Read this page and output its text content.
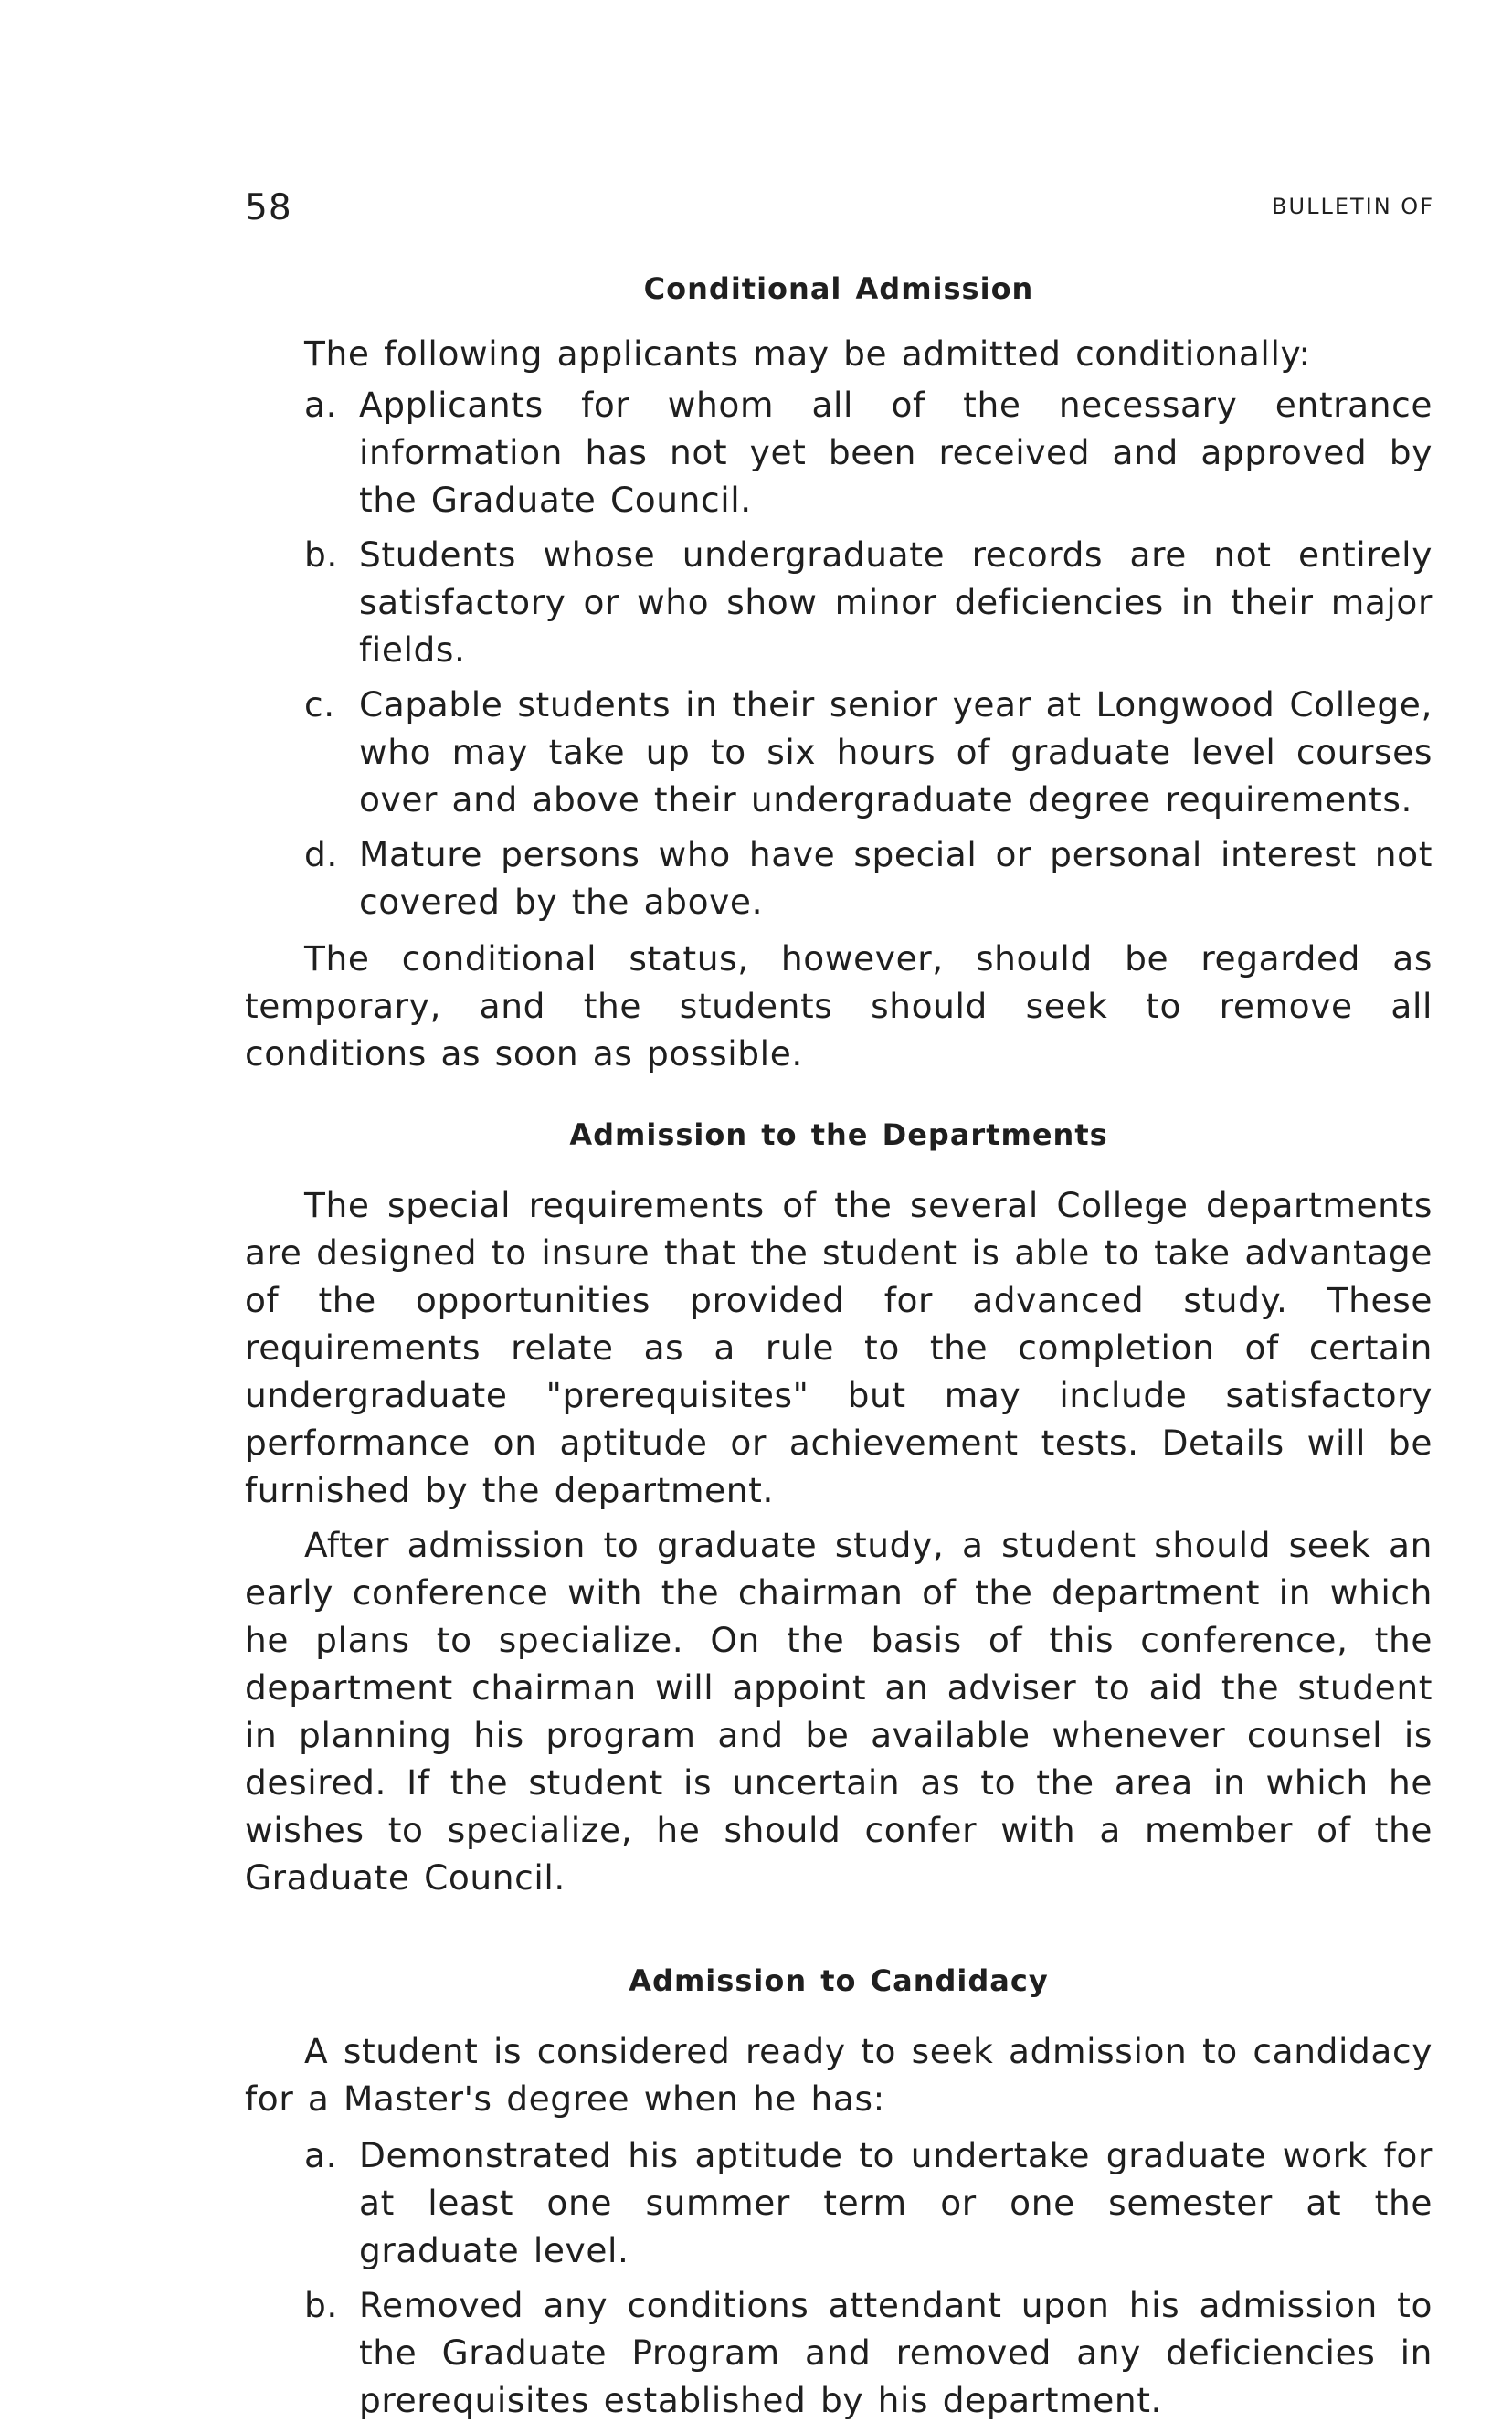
58	BULLETIN OF
Conditional Admission

The following applicants may be admitted conditionally:

a. Applicants for whom all of the necessary entrance information has not yet been received and approved by the Graduate Council.
b. Students whose undergraduate records are not entirely satisfactory or who show minor deficiencies in their major fields.
c. Capable students in their senior year at Longwood College, who may take up to six hours of graduate level courses over and above their undergraduate degree requirements.
d. Mature persons who have special or personal interest not covered by the above.

The conditional status, however, should be regarded as temporary, and the students should seek to remove all conditions as soon as possible.

Admission to the Departments

The special requirements of the several College departments are designed to insure that the student is able to take advantage of the opportunities provided for advanced study. These requirements relate as a rule to the completion of certain undergraduate "prerequisites" but may include satisfactory performance on aptitude or achievement tests. Details will be furnished by the department.

After admission to graduate study, a student should seek an early conference with the chairman of the department in which he plans to specialize. On the basis of this conference, the department chairman will appoint an adviser to aid the student in planning his program and be available whenever counsel is desired. If the student is uncertain as to the area in which he wishes to specialize, he should confer with a member of the Graduate Council.

Admission to Candidacy

A student is considered ready to seek admission to candidacy for a Master's degree when he has:

a. Demonstrated his aptitude to undertake graduate work for at least one summer term or one semester at the graduate level.
b. Removed any conditions attendant upon his admission to the Graduate Program and removed any deficiencies in prerequisites established by his department.
